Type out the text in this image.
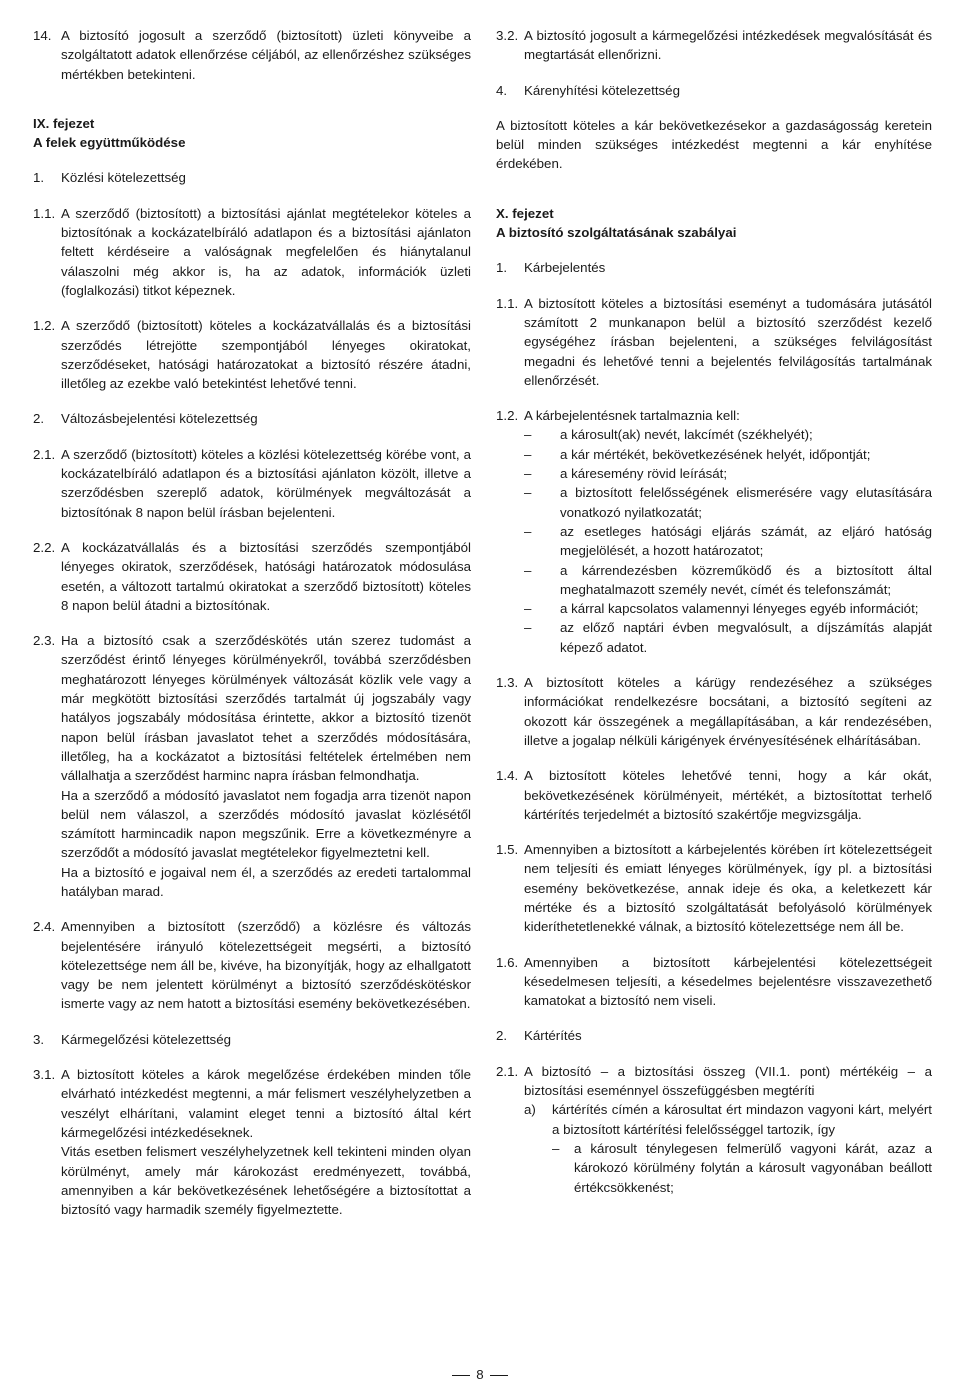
14. A biztosító jogosult a szerződő (biztosított) üzleti könyveibe a szolgáltatott adatok ellenőrzése céljából, az ellenőrzéshez szükséges mértékben betekinteni.
IX. fejezet
A felek együttműködése
1.	Közlési kötelezettség
1.1. A szerződő (biztosított) a biztosítási ajánlat megtételekor köteles a biztosítónak a kockázatelbíráló adatlapon és a biztosítási ajánlaton feltett kérdéseire a valóságnak megfelelően és hiánytalanul válaszolni még akkor is, ha az adatok, információk üzleti (foglalkozási) titkot képeznek.
1.2. A szerződő (biztosított) köteles a kockázatvállalás és a biztosítási szerződés létrejötte szempontjából lényeges okiratokat, szerződéseket, hatósági határozatokat a biztosító részére átadni, illetőleg az ezekbe való betekintést lehetővé tenni.
2.	Változásbejelentési kötelezettség
2.1. A szerződő (biztosított) köteles a közlési kötelezettség körébe vont, a kockázatelbíráló adatlapon és a biztosítási ajánlaton közölt, illetve a szerződésben szereplő adatok, körülmények megváltozását a biztosítónak 8 napon belül írásban bejelenteni.
2.2. A kockázatvállalás és a biztosítási szerződés szempontjából lényeges okiratok, szerződések, hatósági határozatok módosulása esetén, a változott tartalmú okiratokat a szerződő biztosított) köteles 8 napon belül átadni a biztosítónak.
2.3. Ha a biztosító csak a szerződéskötés után szerez tudomást a szerződést érintő lényeges körülményekről, továbbá szerződésben meghatározott lényeges körülmények változását közlik vele vagy a már megkötött biztosítási szerződés tartalmát új jogszabály vagy hatályos jogszabály módosítása érintette, akkor a biztosító tizenöt napon belül írásban javaslatot tehet a szerződés módosítására, illetőleg, ha a kockázatot a biztosítási feltételek értelmében nem vállalhatja a szerződést harminc napra írásban felmondhatja.
Ha a szerződő a módosító javaslatot nem fogadja arra tizenöt napon belül nem válaszol, a szerződés módosító javaslat közlésétől számított harmincadik napon megszűnik. Erre a következményre a szerződőt a módosító javaslat megtételekor figyelmeztetni kell.
Ha a biztosító e jogaival nem él, a szerződés az eredeti tartalommal hatályban marad.
2.4. Amennyiben a biztosított (szerződő) a közlésre és változás bejelentésére irányuló kötelezettségeit megsérti, a biztosító kötelezettsége nem áll be, kivéve, ha bizonyítják, hogy az elhallgatott vagy be nem jelentett körülményt a biztosító szerződéskötéskor ismerte vagy az nem hatott a biztosítási esemény bekövetkezésében.
3.	Kármegelőzési kötelezettség
3.1. A biztosított köteles a károk megelőzése érdekében minden tőle elvárható intézkedést megtenni, a már felismert veszélyhelyzetben a veszélyt elhárítani, valamint eleget tenni a biztosító által kért kármegelőzési intézkedéseknek.
Vitás esetben felismert veszélyhelyzetnek kell tekinteni minden olyan körülményt, amely már károkozást eredményezett, továbbá, amennyiben a kár bekövetkezésének lehetőségére a biztosítottat a biztosító vagy harmadik személy figyelmeztette.
3.2. A biztosító jogosult a kármegelőzési intézkedések megvalósítását és megtartását ellenőrizni.
4.	Kárenyhítési kötelezettség
A biztosított köteles a kár bekövetkezésekor a gazdaságosság keretein belül minden szükséges intézkedést megtenni a kár enyhítése érdekében.
X. fejezet
A biztosító szolgáltatásának szabályai
1.	Kárbejelentés
1.1. A biztosított köteles a biztosítási eseményt a tudomására jutásától számított 2 munkanapon belül a biztosító szerződést kezelő egységéhez írásban bejelenteni, a szükséges felvilágosítást megadni és lehetővé tenni a bejelentés felvilágosítás tartalmának ellenőrzését.
1.2. A kárbejelentésnek tartalmaznia kell:
–	a károsult(ak) nevét, lakcímét (székhelyét);
–	a kár mértékét, bekövetkezésének helyét, időpontját;
–	a káresemény rövid leírását;
–	a biztosított felelősségének elismerésére vagy elutasítására vonatkozó nyilatkozatát;
–	az esetleges hatósági eljárás számát, az eljáró hatóság megjelölését, a hozott határozatot;
–	a kárrendezésben közreműködő és a biztosított által meghatalmazott személy nevét, címét és telefonszámát;
–	a kárral kapcsolatos valamennyi lényeges egyéb információt;
–	az előző naptári évben megvalósult, a díjszámítás alapját képező adatot.
1.3. A biztosított köteles a kárügy rendezéséhez a szükséges információkat rendelkezésre bocsátani, a biztosító segíteni az okozott kár összegének a megállapításában, a kár rendezésében, illetve a jogalap nélküli kárigények érvényesítésének elhárításában.
1.4. A biztosított köteles lehetővé tenni, hogy a kár okát, bekövetkezésének körülményeit, mértékét, a biztosítottat terhelő kártérítés terjedelmét a biztosító szakértője megvizsgálja.
1.5. Amennyiben a biztosított a kárbejelentés körében írt kötelezettségeit nem teljesíti és emiatt lényeges körülmények, így pl. a biztosítási esemény bekövetkezése, annak ideje és oka, a keletkezett kár mértéke és a biztosító szolgáltatását befolyásoló körülmények kideríthetetlenekké válnak, a biztosító kötelezettsége nem áll be.
1.6. Amennyiben a biztosított kárbejelentési kötelezettségeit késedelmesen teljesíti, a késedelmes bejelentésre visszavezethető kamatokat a biztosító nem viseli.
2.	Kártérítés
2.1. A biztosító – a biztosítási összeg (VII.1. pont) mértékéig – a biztosítási eseménnyel összefüggésben megtéríti
a)	kártérítés címén a károsultat ért mindazon vagyoni kárt, melyért a biztosított kártérítési felelősséggel tartozik, így
–	a károsult ténylegesen felmerülő vagyoni kárát, azaz a károkozó körülmény folytán a károsult vagyonában beállott értékcsökkenést;
8
